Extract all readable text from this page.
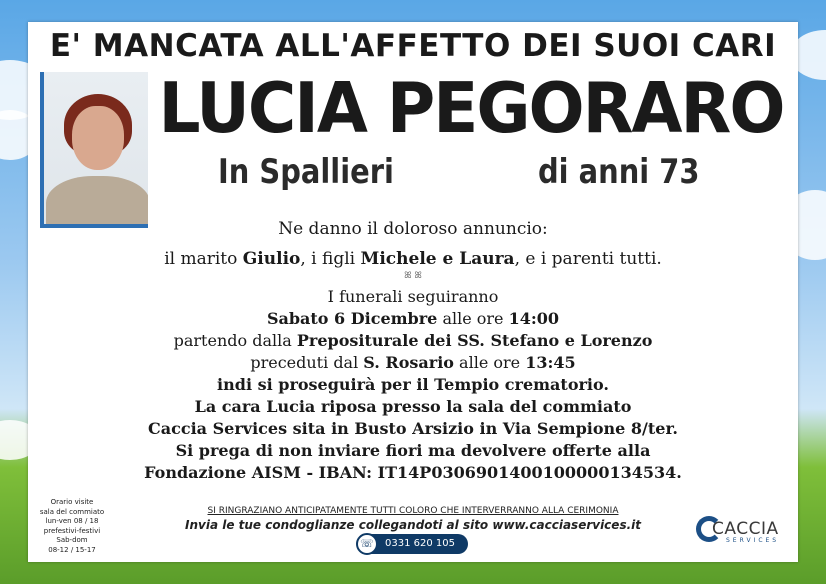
E' MANCATA ALL'AFFETTO DEI SUOI CARI
LUCIA PEGORARO
In Spallieri	di anni 73
Ne danno il doloroso annuncio:
il marito Giulio, i figli Michele e Laura, e i parenti tutti.
ꕤ ꕤ
I funerali seguiranno
Sabato 6 Dicembre alle ore 14:00
partendo dalla Prepositurale dei SS. Stefano e Lorenzo
preceduti dal S. Rosario alle ore 13:45
indi si proseguirà per il Tempio crematorio.
La cara Lucia riposa presso la sala del commiato
Caccia Services sita in Busto Arsizio in Via Sempione 8/ter.
Si prega di non inviare fiori ma devolvere offerte alla
Fondazione AISM - IBAN: IT14P0306901400100000134534.
Orario visite
sala del commiato
lun-ven 08 / 18
prefestivi-festivi
Sab-dom
08-12 / 15-17
SI RINGRAZIANO ANTICIPATAMENTE TUTTI COLORO CHE INTERVERRANNO ALLA CERIMONIA
Invia le tue condoglianze collegandoti al sito www.cacciaservices.it
☏	0331 620 105
CACCIA
SERVICES
